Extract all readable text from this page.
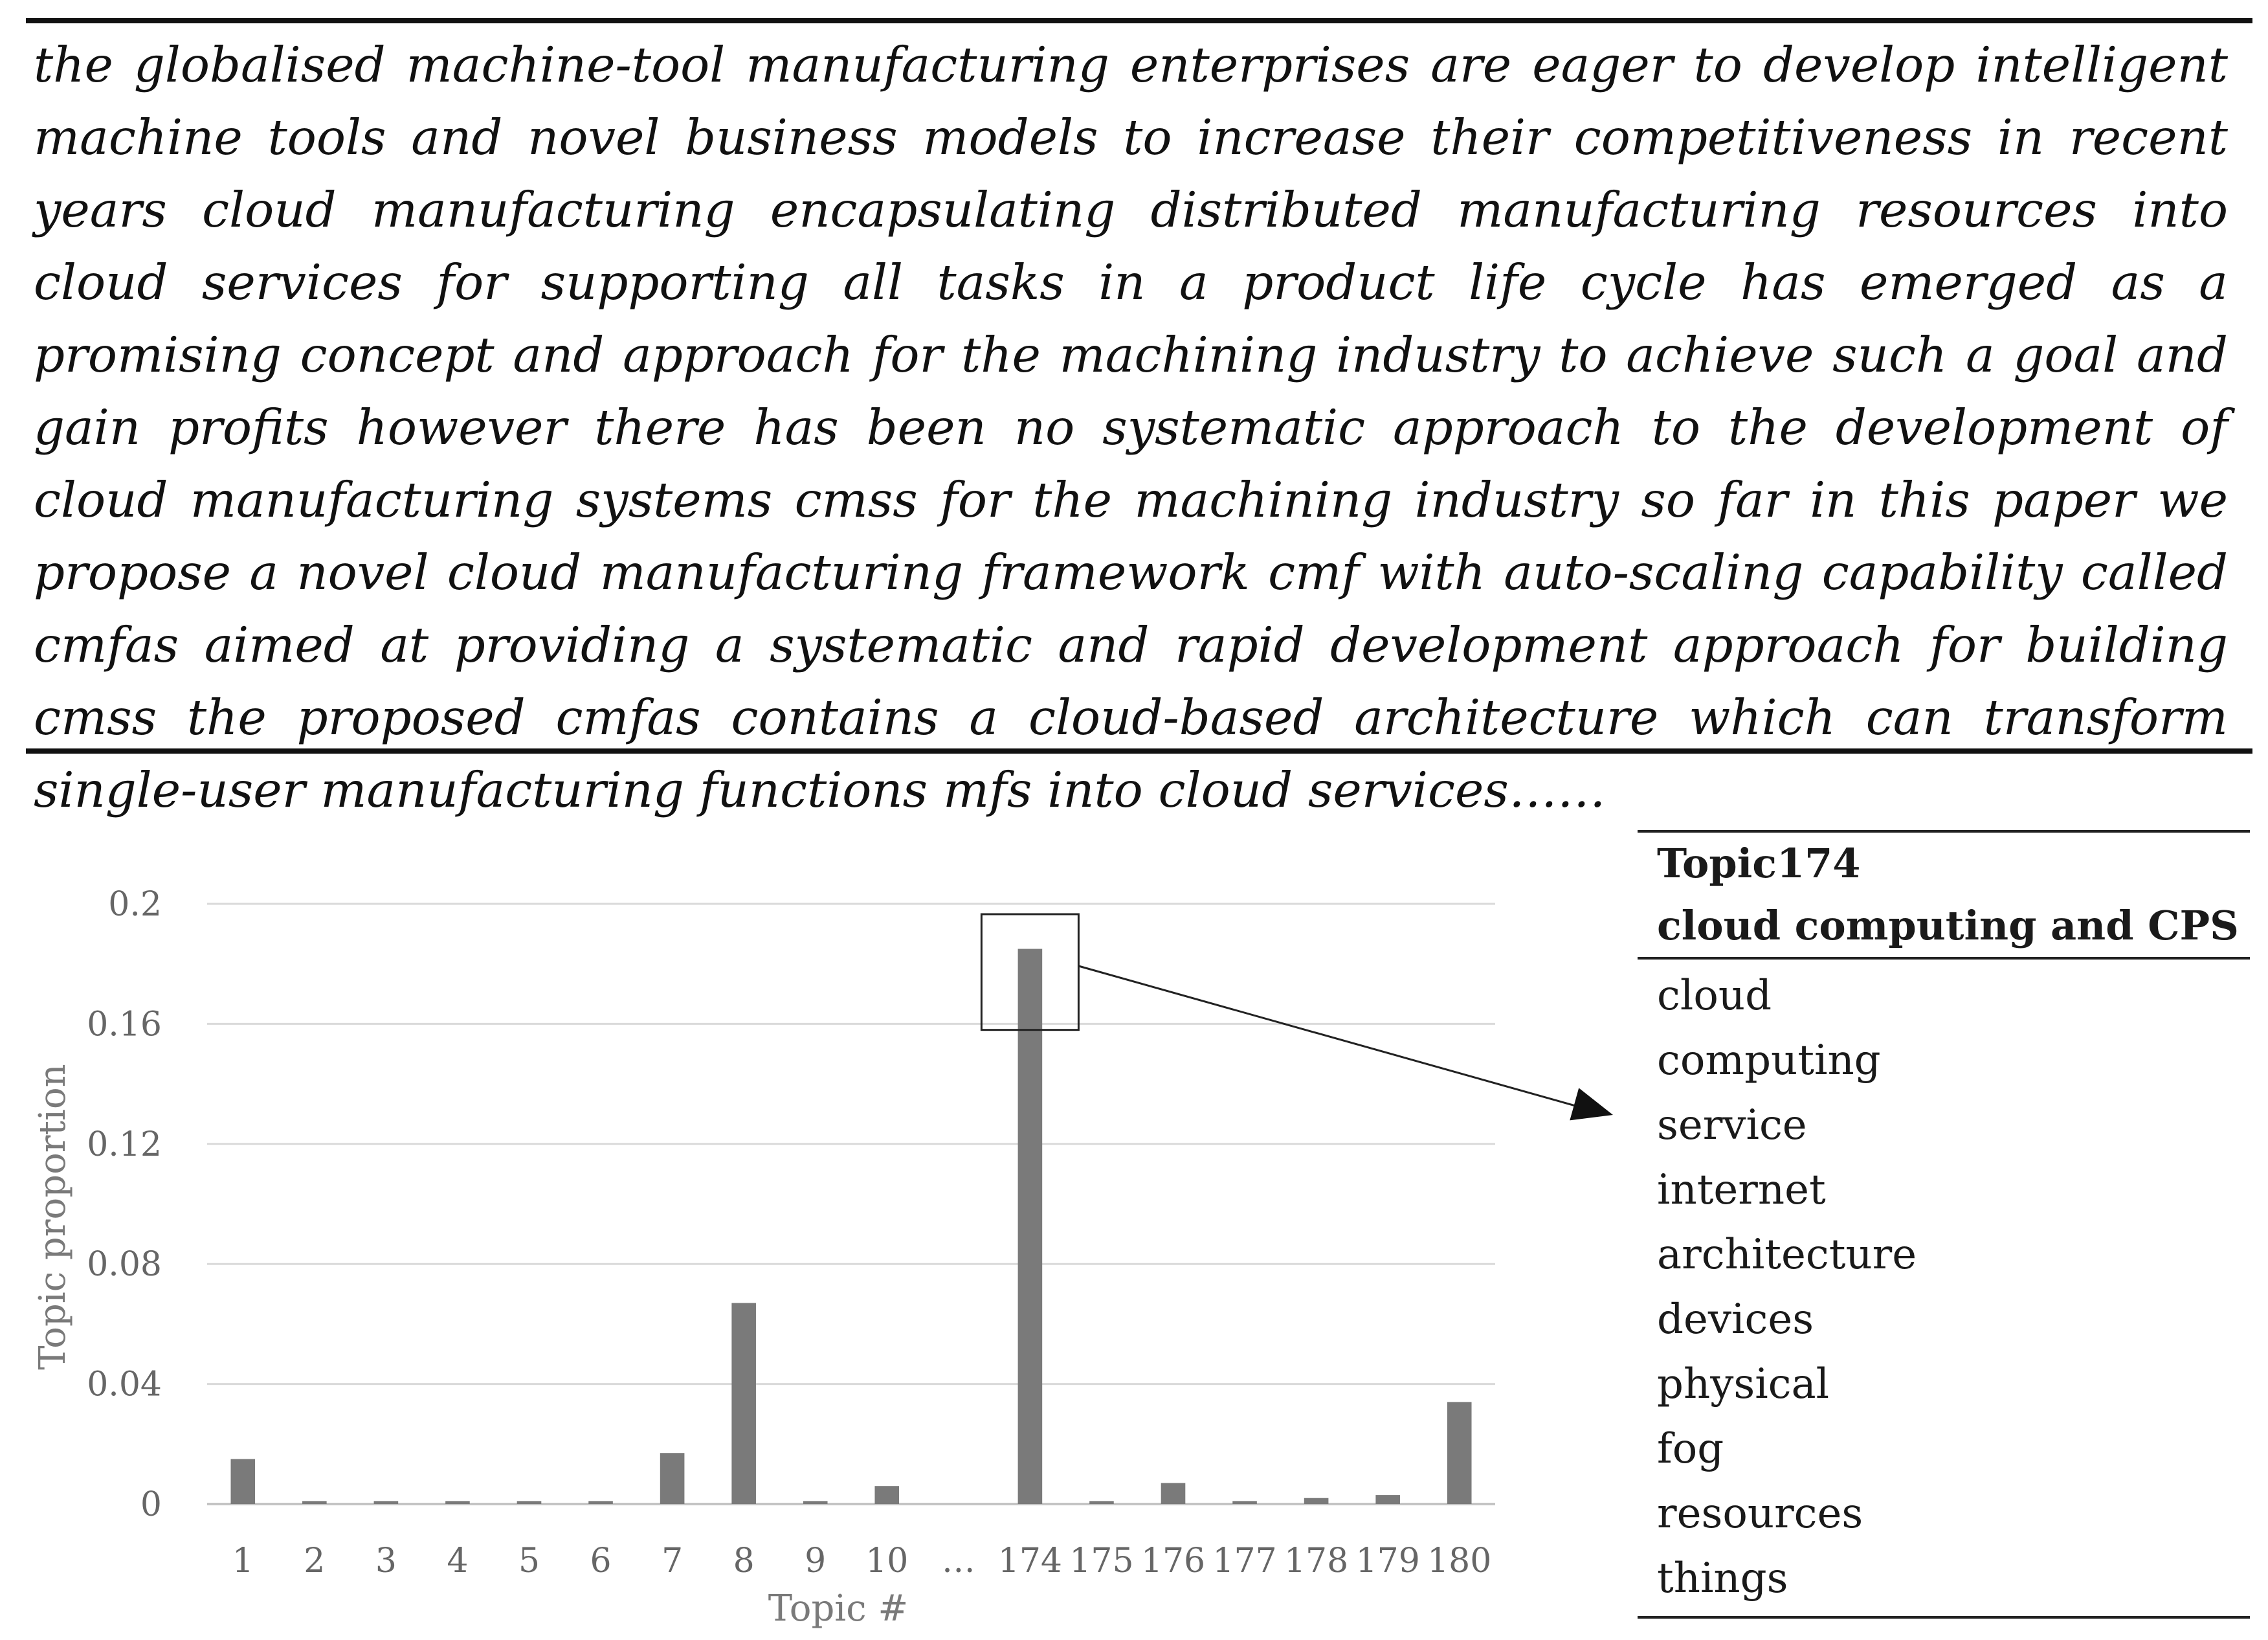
the globalised machine-tool manufacturing enterprises are eager to develop intelligent machine tools and novel business models to increase their competitiveness in recent years cloud manufacturing encapsulating distributed manufacturing resources into cloud services for supporting all tasks in a product life cycle has emerged as a promising concept and approach for the machining industry to achieve such a goal and gain profits however there has been no systematic approach to the development of cloud manufacturing systems cmss for the machining industry so far in this paper we propose a novel cloud manufacturing framework cmf with auto-scaling capability called cmfas aimed at providing a systematic and rapid development approach for building cmss the proposed cmfas contains a cloud-based architecture which can transform single-user manufacturing functions mfs into cloud services……

0
0.04
0.08
0.12
0.16
0.2
1 2 3 4 5 6 7 8 9 10 … 174 175 176 177 178 179 180
Topic #
Topic proportion
Topic174
cloud computing and CPS
cloud
computing
service
internet
architecture
devices
physical
fog
resources
things
